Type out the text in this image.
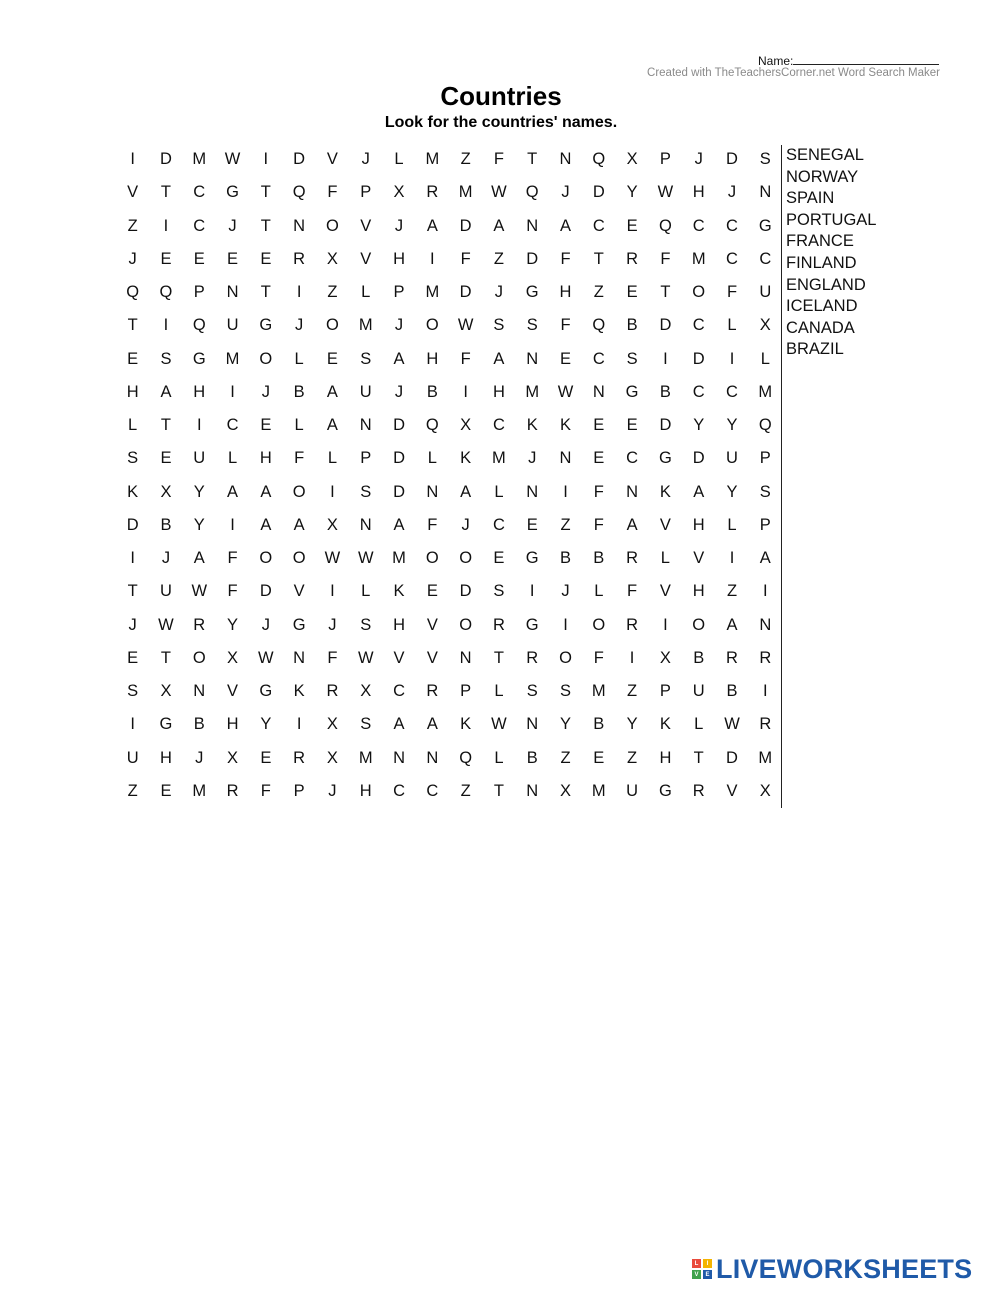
Name:
Created with TheTeachersCorner.net Word Search Maker
Countries
Look for the countries' names.
I	D	M	W	I	D	V	J	L	M	Z	F	T	N	Q	X	P	J	D	S
V	T	C	G	T	Q	F	P	X	R	M	W	Q	J	D	Y	W	H	J	N
Z	I	C	J	T	N	O	V	J	A	D	A	N	A	C	E	Q	C	C	G
J	E	E	E	E	R	X	V	H	I	F	Z	D	F	T	R	F	M	C	C
Q	Q	P	N	T	I	Z	L	P	M	D	J	G	H	Z	E	T	O	F	U
T	I	Q	U	G	J	O	M	J	O	W	S	S	F	Q	B	D	C	L	X
E	S	G	M	O	L	E	S	A	H	F	A	N	E	C	S	I	D	I	L
H	A	H	I	J	B	A	U	J	B	I	H	M	W	N	G	B	C	C	M
L	T	I	C	E	L	A	N	D	Q	X	C	K	K	E	E	D	Y	Y	Q
S	E	U	L	H	F	L	P	D	L	K	M	J	N	E	C	G	D	U	P
K	X	Y	A	A	O	I	S	D	N	A	L	N	I	F	N	K	A	Y	S
D	B	Y	I	A	A	X	N	A	F	J	C	E	Z	F	A	V	H	L	P
I	J	A	F	O	O	W	W	M	O	O	E	G	B	B	R	L	V	I	A
T	U	W	F	D	V	I	L	K	E	D	S	I	J	L	F	V	H	Z	I
J	W	R	Y	J	G	J	S	H	V	O	R	G	I	O	R	I	O	A	N
E	T	O	X	W	N	F	W	V	V	N	T	R	O	F	I	X	B	R	R
S	X	N	V	G	K	R	X	C	R	P	L	S	S	M	Z	P	U	B	I
I	G	B	H	Y	I	X	S	A	A	K	W	N	Y	B	Y	K	L	W	R
U	H	J	X	E	R	X	M	N	N	Q	L	B	Z	E	Z	H	T	D	M
Z	E	M	R	F	P	J	H	C	C	Z	T	N	X	M	U	G	R	V	X
SENEGAL
NORWAY
SPAIN
PORTUGAL
FRANCE
FINLAND
ENGLAND
ICELAND
CANADA
BRAZIL
L	I
V	E LIVEWORKSHEETS
